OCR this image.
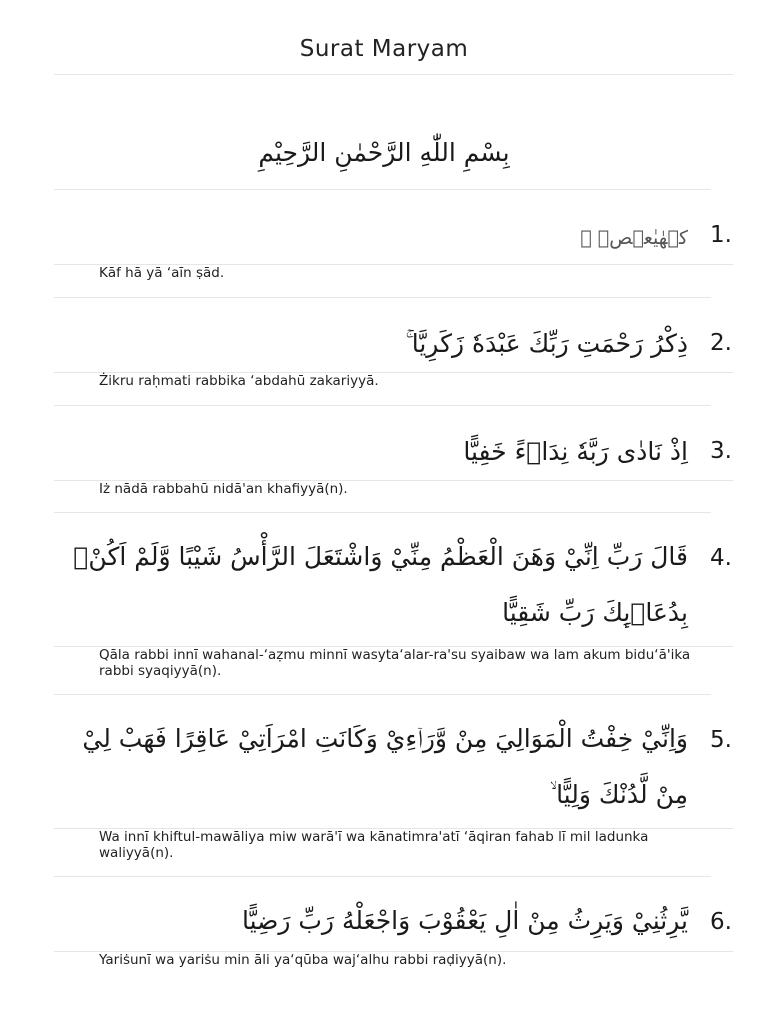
Surat Maryam
بِسْمِ اللّٰهِ الرَّحْمٰنِ الرَّحِيْمِ
1.
كۤهٰيٰعۤصۤ ۚ
Kāf hā yā ‘aīn ṣād.
2.
ذِكْرُ رَحْمَتِ رَبِّكَ عَبْدَهٗ زَكَرِيَّا ۚ
Żikru raḥmati rabbika ‘abdahū zakariyyā.
3.
اِذْ نَادٰى رَبَّهٗ نِدَاۤءً خَفِيًّا
Iż nādā rabbahū nidā'an khafiyyā(n).
4.
قَالَ رَبِّ اِنِّيْ وَهَنَ الْعَظْمُ مِنِّيْ وَاشْتَعَلَ الرَّأْسُ شَيْبًا وَّلَمْ اَكُنْۢ بِدُعَاۤىِٕكَ رَبِّ شَقِيًّا
Qāla rabbi innī wahanal-‘aẓmu minnī wasyta‘alar-ra'su syaibaw wa lam akum bidu‘ā'ika rabbi syaqiyyā(n).
5.
وَاِنِّيْ خِفْتُ الْمَوَالِيَ مِنْ وَّرَاۤءِيْ وَكَانَتِ امْرَاَتِيْ عَاقِرًا فَهَبْ لِيْ مِنْ لَّدُنْكَ وَلِيًّا ۙ
Wa innī khiftul-mawāliya miw warā'ī wa kānatimra'atī ‘āqiran fahab lī mil ladunka waliyyā(n).
6.
يَّرِثُنِيْ وَيَرِثُ مِنْ اٰلِ يَعْقُوْبَ وَاجْعَلْهُ رَبِّ رَضِيًّا
Yariṡunī wa yariṡu min āli ya‘qūba waj‘alhu rabbi raḍiyyā(n).
